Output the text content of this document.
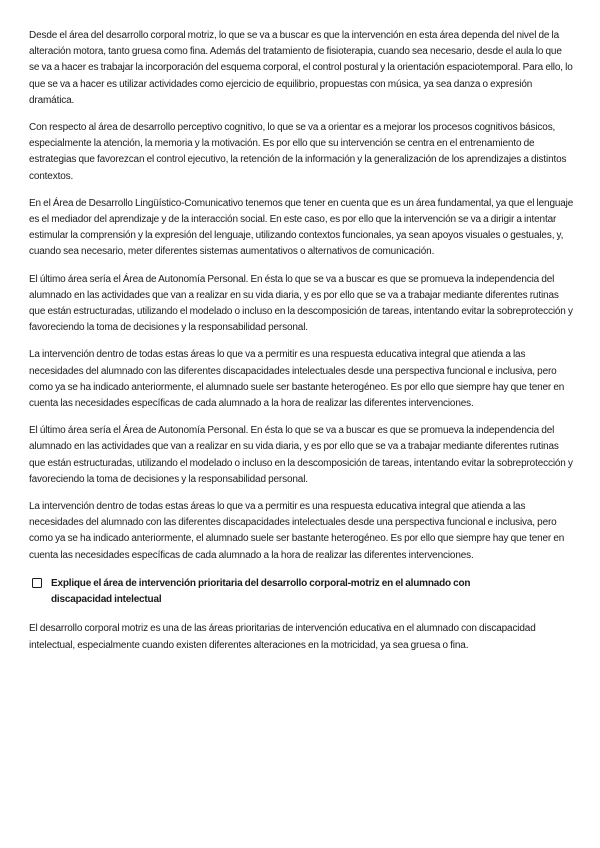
Desde el área del desarrollo corporal motriz, lo que se va a buscar es que la intervención en esta área dependa del nivel de la alteración motora, tanto gruesa como fina. Además del tratamiento de fisioterapia, cuando sea necesario, desde el aula lo que se va a hacer es trabajar la incorporación del esquema corporal, el control postural y la orientación espaciotemporal. Para ello, lo que se va a hacer es utilizar actividades como ejercicio de equilibrio, propuestas con música, ya sea danza o expresión dramática.

Con respecto al área de desarrollo perceptivo cognitivo, lo que se va a orientar es a mejorar los procesos cognitivos básicos, especialmente la atención, la memoria y la motivación. Es por ello que su intervención se centra en el entrenamiento de estrategias que favorezcan el control ejecutivo, la retención de la información y la generalización de los aprendizajes a distintos contextos.

En el Área de Desarrollo Lingüístico-Comunicativo tenemos que tener en cuenta que es un área fundamental, ya que el lenguaje es el mediador del aprendizaje y de la interacción social. En este caso, es por ello que la intervención se va a dirigir a intentar estimular la comprensión y la expresión del lenguaje, utilizando contextos funcionales, ya sean apoyos visuales o gestuales, y, cuando sea necesario, meter diferentes sistemas aumentativos o alternativos de comunicación.

El último área sería el Área de Autonomía Personal. En ésta lo que se va a buscar es que se promueva la independencia del alumnado en las actividades que van a realizar en su vida diaria, y es por ello que se va a trabajar mediante diferentes rutinas que están estructuradas, utilizando el modelado o incluso en la descomposición de tareas, intentando evitar la sobreprotección y favoreciendo la toma de decisiones y la responsabilidad personal.

La intervención dentro de todas estas áreas lo que va a permitir es una respuesta educativa integral que atienda a las necesidades del alumnado con las diferentes discapacidades intelectuales desde una perspectiva funcional e inclusiva, pero como ya se ha indicado anteriormente, el alumnado suele ser bastante heterogéneo. Es por ello que siempre hay que tener en cuenta las necesidades específicas de cada alumnado a la hora de realizar las diferentes intervenciones.

El último área sería el Área de Autonomía Personal. En ésta lo que se va a buscar es que se promueva la independencia del alumnado en las actividades que van a realizar en su vida diaria, y es por ello que se va a trabajar mediante diferentes rutinas que están estructuradas, utilizando el modelado o incluso en la descomposición de tareas, intentando evitar la sobreprotección y favoreciendo la toma de decisiones y la responsabilidad personal.

La intervención dentro de todas estas áreas lo que va a permitir es una respuesta educativa integral que atienda a las necesidades del alumnado con las diferentes discapacidades intelectuales desde una perspectiva funcional e inclusiva, pero como ya se ha indicado anteriormente, el alumnado suele ser bastante heterogéneo. Es por ello que siempre hay que tener en cuenta las necesidades específicas de cada alumnado a la hora de realizar las diferentes intervenciones.

Explique el área de intervención prioritaria del desarrollo corporal-motriz en el alumnado con discapacidad intelectual

El desarrollo corporal motriz es una de las áreas prioritarias de intervención educativa en el alumnado con discapacidad intelectual, especialmente cuando existen diferentes alteraciones en la motricidad, ya sea gruesa o fina.
